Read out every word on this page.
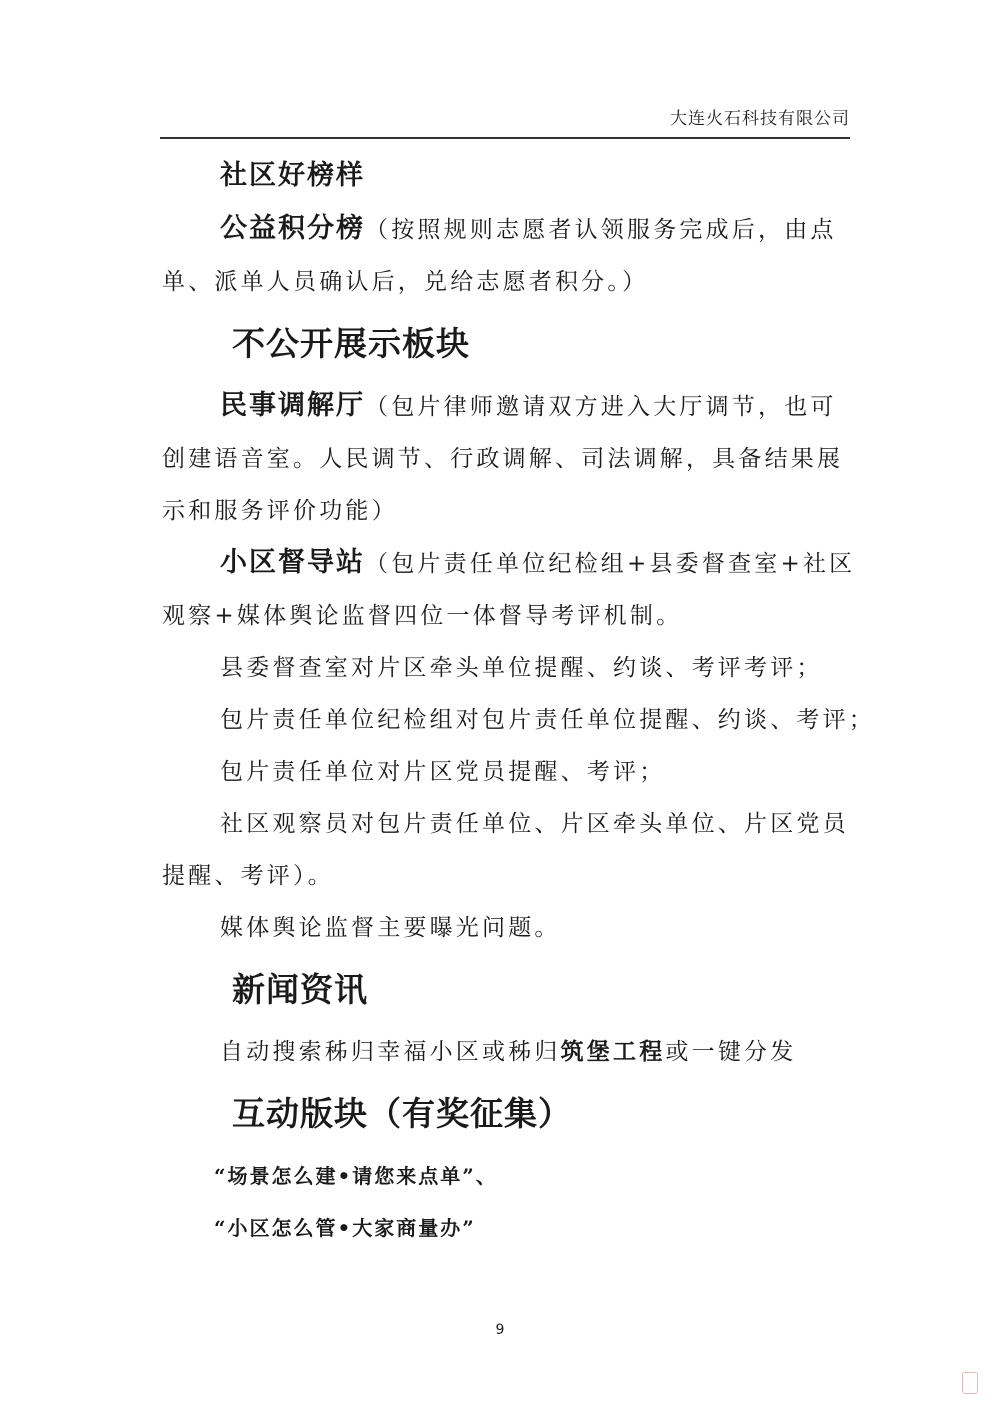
大连火石科技有限公司
社区好榜样
公益积分榜（按照规则志愿者认领服务完成后，由点
单、派单人员确认后，兑给志愿者积分。）
不公开展示板块
民事调解厅（包片律师邀请双方进入大厅调节，也可
创建语音室。人民调节、行政调解、司法调解，具备结果展
示和服务评价功能）
小区督导站（包片责任单位纪检组+县委督查室+社区
观察+媒体舆论监督四位一体督导考评机制。
县委督查室对片区牵头单位提醒、约谈、考评考评；
包片责任单位纪检组对包片责任单位提醒、约谈、考评；
包片责任单位对片区党员提醒、考评；
社区观察员对包片责任单位、片区牵头单位、片区党员
提醒、考评）。
媒体舆论监督主要曝光问题。
新闻资讯
自动搜索秭归幸福小区或秭归筑堡工程或一键分发
互动版块（有奖征集）
“场景怎么建•请您来点单”、
“小区怎么管•大家商量办”
9
